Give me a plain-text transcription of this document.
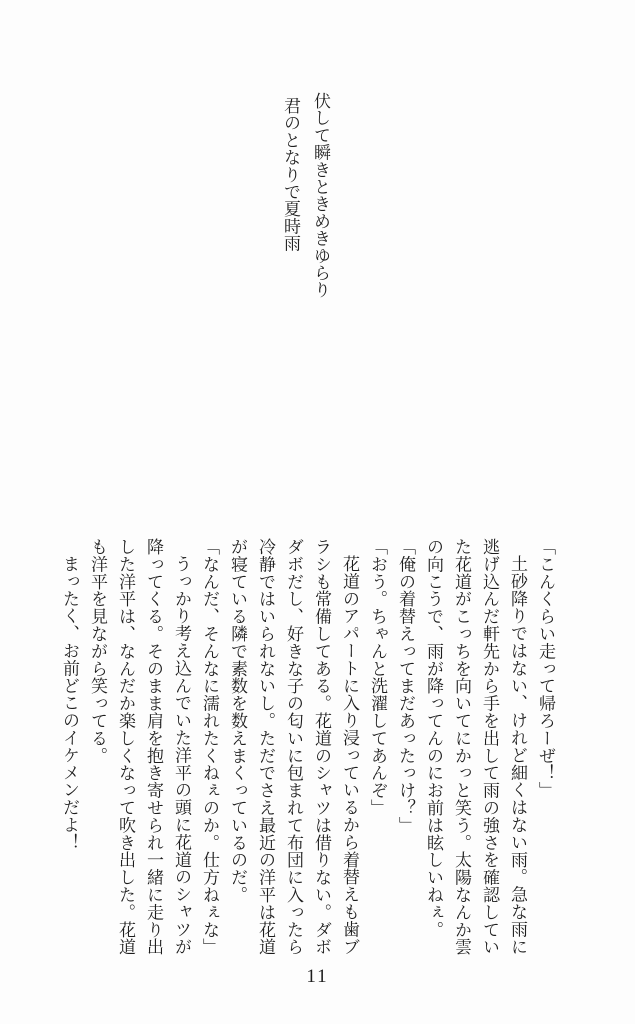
伏して瞬きときめきゆらり

君のとなりで夏時雨

「こんくらい走って帰ろーぜ！」

土砂降りではない、けれど細くはない雨。急な雨に

逃げ込んだ軒先から手を出して雨の強さを確認してい

た花道がこっちを向いてにかっと笑う。太陽なんか雲

の向こうで、雨が降ってんのにお前は眩しいねぇ。

「俺の着替えってまだあったっけ？」

「おう。ちゃんと洗濯してあんぞ」

花道のアパートに入り浸っているから着替えも歯ブ

ラシも常備してある。花道のシャツは借りない。ダボ

ダボだし、好きな子の匂いに包まれて布団に入ったら

冷静ではいられないし。ただでさえ最近の洋平は花道

が寝ている隣で素数を数えまくっているのだ。

「なんだ、そんなに濡れたくねぇのか。仕方ねぇな」

うっかり考え込んでいた洋平の頭に花道のシャツが

降ってくる。そのまま肩を抱き寄せられ一緒に走り出

した洋平は、なんだか楽しくなって吹き出した。花道

も洋平を見ながら笑ってる。

まったく、お前どこのイケメンだよ！

11
